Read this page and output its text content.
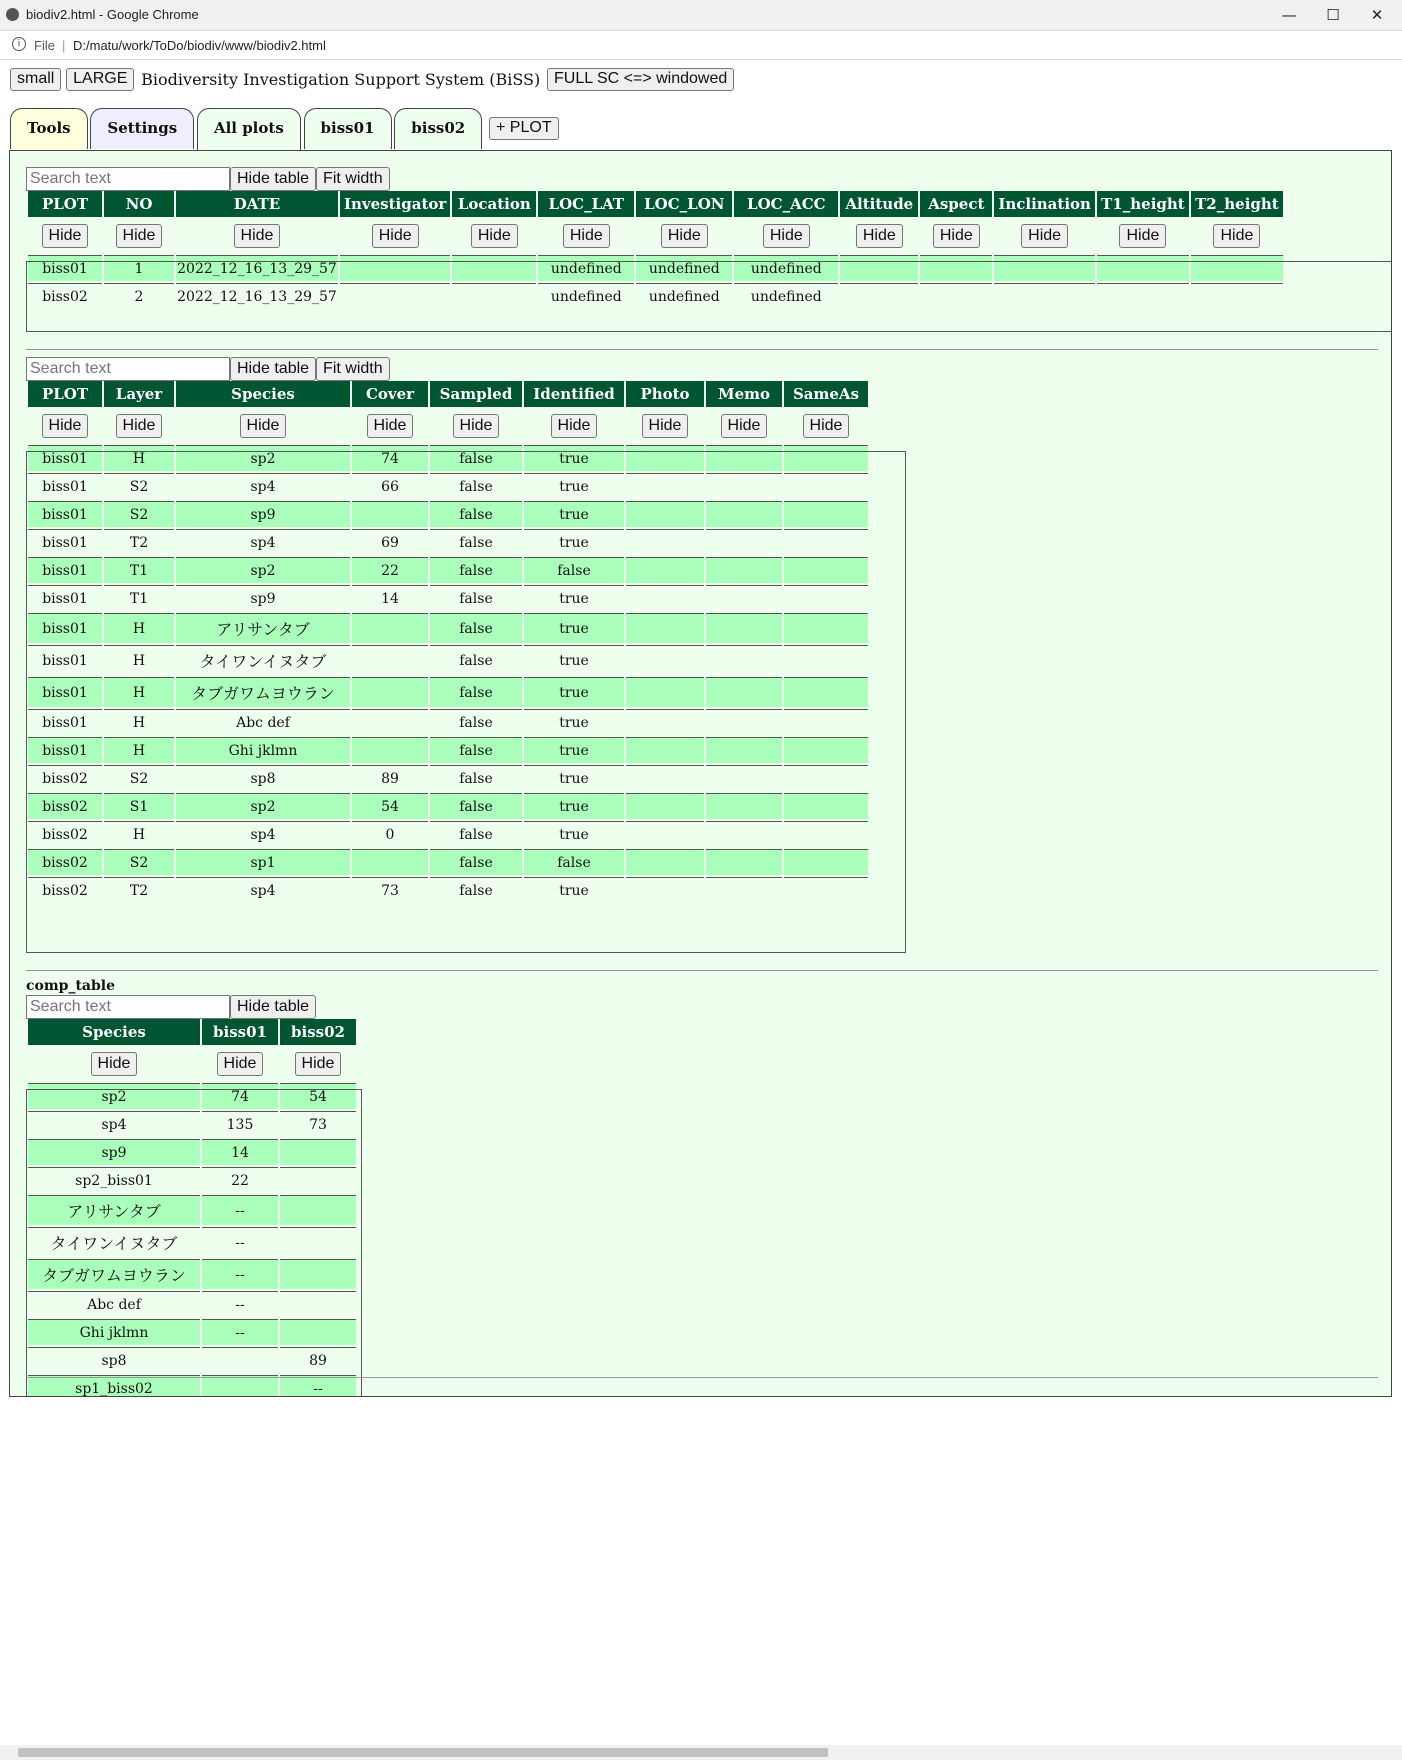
biodiv2.html - Google Chrome	—	☐	✕
i	File | D:/matu/work/ToDo/biodiv/www/biodiv2.html
small LARGE Biodiversity Investigation Support System (BiSS) FULL SC <=> windowed
Tools Settings All plots biss01 biss02 + PLOT
Search textHide table Fit width
PLOT	NO	DATE	Investigator	Location	LOC_LAT	LOC_LON	LOC_ACC	Altitude	Aspect	Inclination	T1_height	T2_height
Hide	Hide	Hide	Hide	Hide	Hide	Hide	Hide	Hide	Hide	Hide	Hide	Hide
biss01	1	2022_12_16_13_29_57			undefined	undefined	undefined					
biss02	2	2022_12_16_13_29_57			undefined	undefined	undefined					
Search textHide table Fit width
PLOT	Layer	Species	Cover	Sampled	Identified	Photo	Memo	SameAs
Hide	Hide	Hide	Hide	Hide	Hide	Hide	Hide	Hide
biss01	H	sp2	74	false	true			
biss01	S2	sp4	66	false	true			
biss01	S2	sp9		false	true			
biss01	T2	sp4	69	false	true			
biss01	T1	sp2	22	false	false			
biss01	T1	sp9	14	false	true			
biss01	H	アリサンタブ		false	true			
biss01	H	タイワンイヌタブ		false	true			
biss01	H	タブガワムヨウラン		false	true			
biss01	H	Abc def		false	true			
biss01	H	Ghi jklmn		false	true			
biss02	S2	sp8	89	false	true			
biss02	S1	sp2	54	false	true			
biss02	H	sp4	0	false	true			
biss02	S2	sp1		false	false			
biss02	T2	sp4	73	false	true			
comp_table
Search textHide table
Species	biss01	biss02
Hide	Hide	Hide
sp2	74	54
sp4	135	73
sp9	14	
sp2_biss01	22	
アリサンタブ	--	
タイワンイヌタブ	--	
タブガワムヨウラン	--	
Abc def	--	
Ghi jklmn	--	
sp8		89
sp1_biss02		--
